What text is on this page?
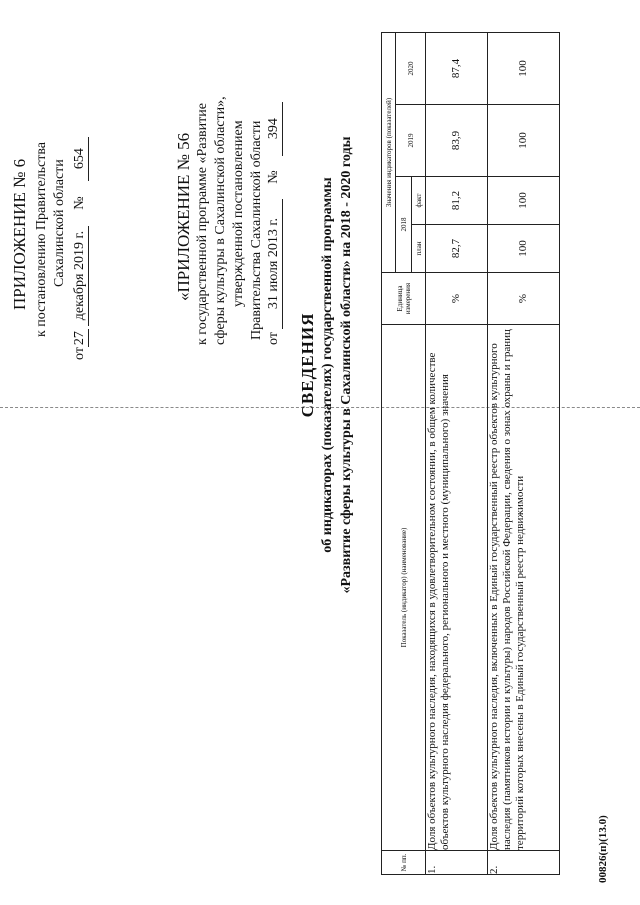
ПРИЛОЖЕНИЕ № 6 к постановлению Правительства Сахалинской области
от27 декабря 2019 г. № 654	«ПРИЛОЖЕНИЕ № 56 к государственной программе «Развитие сферы культуры в Сахалинской области», утвержденной постановлением Правительства Сахалинской области от 31 июля 2013 г. № 394
СВЕДЕНИЯ об индикаторах (показателях) государственной программы «Развитие сферы культуры в Сахалинской области» на 2018 - 2020 годы
№ пп.	Показатель (индикатор) (наименование)	Единица измерения	Значения индикаторов (показателей)			
			2018		2019	2020
			план	факт		
1.	Доля объектов культурного наследия, находящихся в удовлетворительном состоянии, в общем количестве объектов культурного наследия федерального, регионального и местного (муниципального) значения	%	82,7	81,2	83,9	87,4
2.	Доля объектов культурного наследия, включенных в Единый государственный реестр объектов культурного наследия (памятников истории и культуры) народов Российской Федерации, сведения о зонах охраны и границ территорий которых внесены в Единый государственный реестр недвижимости	%	100	100	100	100
00826(п)(13.0)
